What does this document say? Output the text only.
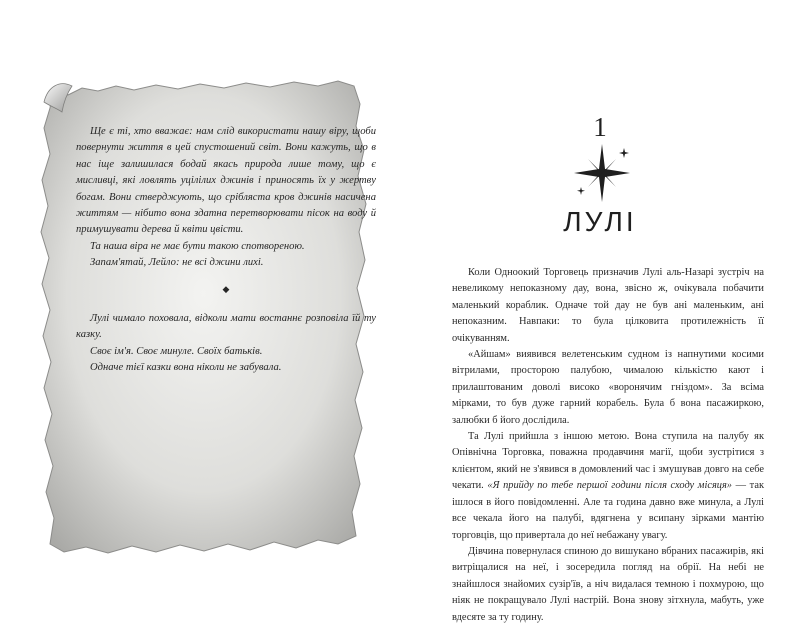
Ще є ті, хто вважає: нам слід використати нашу віру, щоби повернути життя в цей спустошений світ. Вони кажуть, що в нас іще залишилася бодай якась природа лише тому, що є мисливці, які ловлять уцілілих джинів і приносять їх у жертву богам. Вони стверджують, що срібляста кров джинів насичена життям — нібито вона здатна перетворювати пісок на воду й примушувати дерева й квіти цвісти.

Та наша віра не має бути такою спотвореною.

Запам'ятай, Лейло: не всі джини лихі.

◆

Лулі чимало поховала, відколи мати востаннє розповіла їй ту казку.

Своє ім'я. Своє минуле. Своїх батьків.

Одначе тієї казки вона ніколи не забувала.

1
ЛУЛІ

Коли Одноокий Торговець призначив Лулі аль-Назарі зустріч на невеликому непоказному дау, вона, звісно ж, очікувала побачити маленький кораблик. Одначе той дау не був ані маленьким, ані непоказним. Навпаки: то була цілковита протилежність її очікуванням.

«Айшам» виявився велетенським судном із напнутими косими вітрилами, просторою палубою, чималою кількістю кают і прилаштованим доволі високо «воронячим гніздом». За всіма мірками, то був дуже гарний корабель. Була б вона пасажиркою, залюбки б його дослідила.

Та Лулі прийшла з іншою метою. Вона ступила на палубу як Опівнічна Торговка, поважна продавчиня магії, щоби зустрітися з клієнтом, який не з'явився в домовлений час і змушував довго на себе чекати. «Я прийду по тебе першої години після сходу місяця» — так ішлося в його повідомленні. Але та година давно вже минула, а Лулі все чекала його на палубі, вдягнена у всипану зірками мантію торговців, що привертала до неї небажану увагу.

Дівчина повернулася спиною до вишукано вбраних пасажирів, які витріщалися на неї, і зосередила погляд на обрії. На небі не знайшлося знайомих сузір'їв, а ніч видалася темною і похмурою, що ніяк не покращувало Лулі настрій. Вона знову зітхнула, мабуть, уже вдесяте за ту годину.
